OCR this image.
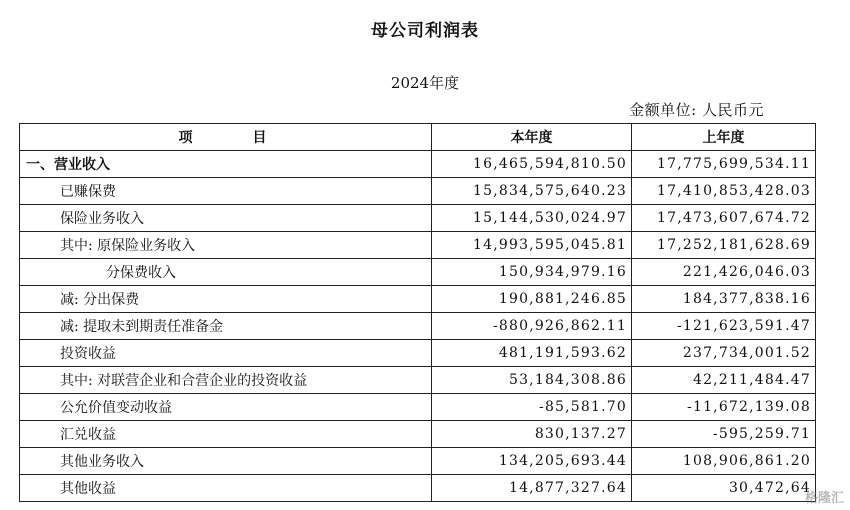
母公司利润表
2024年度
金额单位: 人民币元
项目	本年度	上年度
一、营业收入	16,465,594,810.50	17,775,699,534.11
已赚保费	15,834,575,640.23	17,410,853,428.03
保险业务收入	15,144,530,024.97	17,473,607,674.72
其中: 原保险业务收入	14,993,595,045.81	17,252,181,628.69
分保费收入	150,934,979.16	221,426,046.03
减: 分出保费	190,881,246.85	184,377,838.16
减: 提取未到期责任准备金	-880,926,862.11	-121,623,591.47
投资收益	481,191,593.62	237,734,001.52
其中: 对联营企业和合营企业的投资收益	53,184,308.86	42,211,484.47
公允价值变动收益	-85,581.70	-11,672,139.08
汇兑收益	830,137.27	-595,259.71
其他业务收入	134,205,693.44	108,906,861.20
其他收益	14,877,327.64	30,472,64
格隆汇
